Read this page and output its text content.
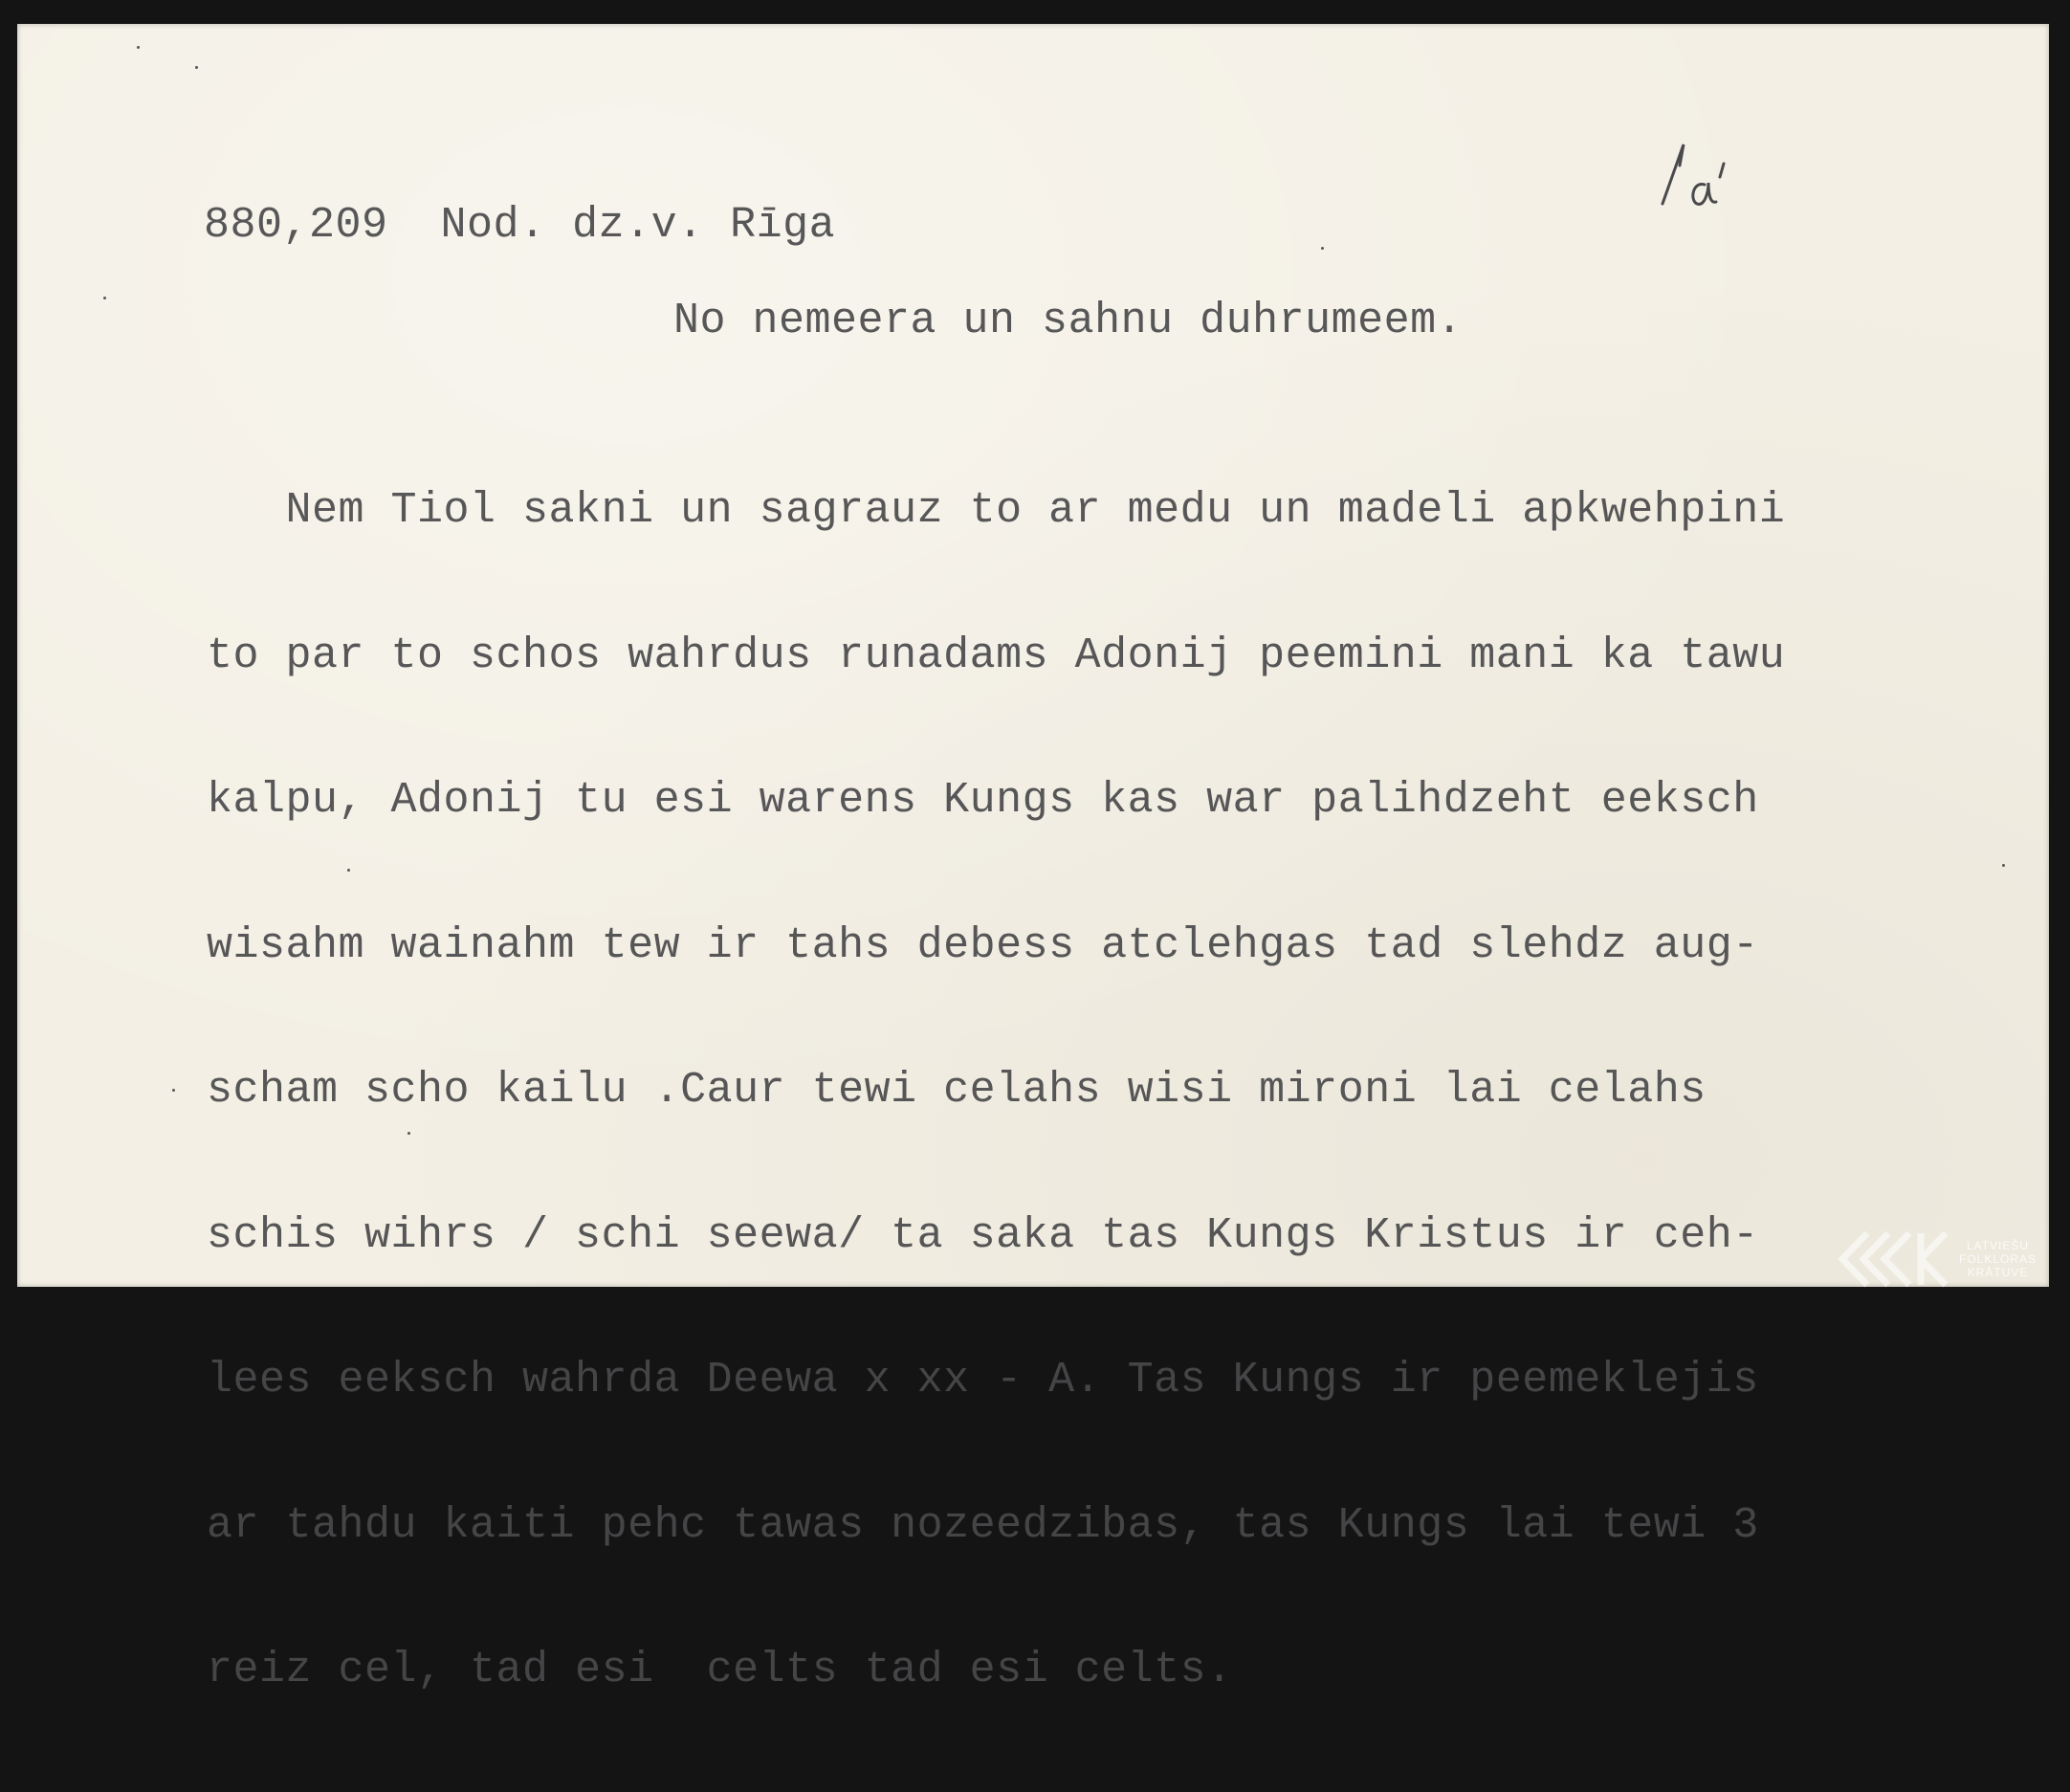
880,209 Nod. dz.v. Rīga
No nemeera un sahnu duhrumeem.

Nem Tiol sakni un sagrauz to ar medu un madeli apkwehpini

to par to schos wahrdus runadams Adonij peemini mani ka tawu

kalpu, Adonij tu esi warens Kungs kas war palihdzeht eeksch

wisahm wainahm tew ir tahs debess atclehgas tad slehdz aug-

scham scho kailu .Caur tewi celahs wisi mironi lai celahs

schis wihrs / schi seewa/ ta saka tas Kungs Kristus ir ceh-

lees eeksch wahrda Deewa x xx - A. Tas Kungs ir peemeklejis

ar tahdu kaiti pehc tawas nozeedzibas, tas Kungs lai tewi 3

reiz cel, tad esi  celts tad esi celts.

LATVIEŠU
FOLKLORAS
KRĀTUVE
